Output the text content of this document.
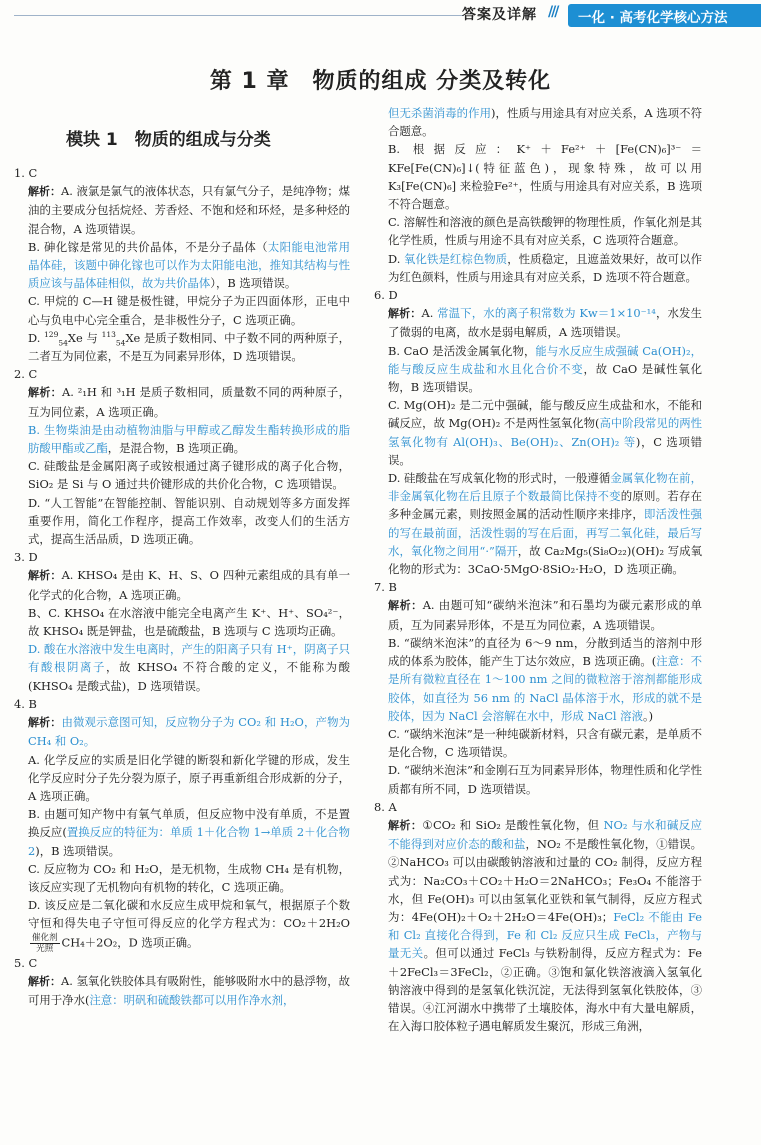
答案及详解 /// 一化 · 高考化学核心方法
第 1 章　物质的组成 分类及转化
模块 1　物质的组成与分类

1. C

解析：A. 液氯是氯气的液体状态，只有氯气分子，是纯净物；煤油的主要成分包括烷烃、芳香烃、不饱和烃和环烃，是多种烃的混合物，A 选项错误。

B. 砷化镓是常见的共价晶体，不是分子晶体（太阳能电池常用晶体硅，该题中砷化镓也可以作为太阳能电池，推知其结构与性质应该与晶体硅相似，故为共价晶体），B 选项错误。

C. 甲烷的 C—H 键是极性键，甲烷分子为正四面体形，正电中心与负电中心完全重合，是非极性分子，C 选项正确。

D. $^{129}_{54}$Xe 与 $^{113}_{54}$Xe 是质子数相同、中子数不同的两种原子，二者互为同位素，不是互为同素异形体，D 选项错误。

2. C

解析：A. ²₁H 和 ³₁H 是质子数相同，质量数不同的两种原子，互为同位素，A 选项正确。

B. 生物柴油是由动植物油脂与甲醇或乙醇发生酯转换形成的脂肪酸甲酯或乙酯，是混合物，B 选项正确。

C. 硅酸盐是金属阳离子或铵根通过离子键形成的离子化合物，SiO₂ 是 Si 与 O 通过共价键形成的共价化合物，C 选项错误。

D. “人工智能”在智能控制、智能识别、自动规划等多方面发挥重要作用，简化工作程序，提高工作效率，改变人们的生活方式，提高生活品质，D 选项正确。

3. D

解析：A. KHSO₄ 是由 K、H、S、O 四种元素组成的具有单一化学式的化合物，A 选项正确。

B、C. KHSO₄ 在水溶液中能完全电离产生 K⁺、H⁺、SO₄²⁻，故 KHSO₄ 既是钾盐，也是硫酸盐，B 选项与 C 选项均正确。

D. 酸在水溶液中发生电离时，产生的阳离子只有 H⁺，阴离子只有酸根阴离子，故 KHSO₄ 不符合酸的定义，不能称为酸(KHSO₄ 是酸式盐)，D 选项错误。

4. B

解析：由微观示意图可知，反应物分子为 CO₂ 和 H₂O，产物为 CH₄ 和 O₂。

A. 化学反应的实质是旧化学键的断裂和新化学键的形成，发生化学反应时分子先分裂为原子，原子再重新组合形成新的分子，A 选项正确。

B. 由题可知产物中有氧气单质，但反应物中没有单质，不是置换反应(置换反应的特征为：单质 1＋化合物 1→单质 2＋化合物 2)，B 选项错误。

C. 反应物为 CO₂ 和 H₂O，是无机物，生成物 CH₄ 是有机物，该反应实现了无机物向有机物的转化，C 选项正确。

D. 该反应是二氧化碳和水反应生成甲烷和氧气，根据原子个数守恒和得失电子守恒可得反应的化学方程式为：CO₂＋2H₂O
$\frac{\text{催化剂}}{\text{光照}} CH_4+2O_2$，D 选项正确。

5. C

解析：A. 氢氧化铁胶体具有吸附性，能够吸附水中的悬浮物，故可用于净水(注意：明矾和硫酸铁都可以用作净水剂，

但无杀菌消毒的作用)，性质与用途具有对应关系，A 选项不符合题意。

B. 根据反应：K⁺＋Fe²⁺＋[Fe(CN)₆]³⁻＝KFe[Fe(CN)₆]↓(特征蓝色)，现象特殊，故可以用 K₃[Fe(CN)₆] 来检验Fe²⁺，性质与用途具有对应关系，B 选项不符合题意。

C. 溶解性和溶液的颜色是高铁酸钾的物理性质，作氧化剂是其化学性质，性质与用途不具有对应关系，C 选项符合题意。

D. 氧化铁是红棕色物质，性质稳定，且遮盖效果好，故可以作为红色颜料，性质与用途具有对应关系，D 选项不符合题意。

6. D

解析：A. 常温下，水的离子积常数为 Kw＝1×10⁻¹⁴，水发生了微弱的电离，故水是弱电解质，A 选项错误。

B. CaO 是活泼金属氧化物，能与水反应生成强碱 Ca(OH)₂，能与酸反应生成盐和水且化合价不变，故 CaO 是碱性氧化物，B 选项错误。

C. Mg(OH)₂ 是二元中强碱，能与酸反应生成盐和水，不能和碱反应，故 Mg(OH)₂ 不是两性氢氧化物(高中阶段常见的两性氢氧化物有 Al(OH)₃、Be(OH)₂、Zn(OH)₂ 等)，C 选项错误。

D. 硅酸盐在写成氧化物的形式时，一般遵循金属氧化物在前，非金属氧化物在后且原子个数最简比保持不变的原则。若存在多种金属元素，则按照金属的活动性顺序来排序，即活泼性强的写在最前面，活泼性弱的写在后面，再写二氧化硅，最后写水，氧化物之间用“·”隔开，故 Ca₂Mg₅(Si₈O₂₂)(OH)₂ 写成氧化物的形式为：3CaO·5MgO·8SiO₂·H₂O，D 选项正确。

7. B

解析：A. 由题可知“碳纳米泡沫”和石墨均为碳元素形成的单质，互为同素异形体，不是互为同位素，A 选项错误。

B. “碳纳米泡沫”的直径为 6～9 nm，分散到适当的溶剂中形成的体系为胶体，能产生丁达尔效应，B 选项正确。(注意：不是所有微粒直径在 1～100 nm 之间的微粒溶于溶剂都能形成胶体，如直径为 56 nm 的 NaCl 晶体溶于水，形成的就不是胶体，因为 NaCl 会溶解在水中，形成 NaCl 溶液。)

C. “碳纳米泡沫”是一种纯碳新材料，只含有碳元素，是单质不是化合物，C 选项错误。

D. “碳纳米泡沫”和金刚石互为同素异形体，物理性质和化学性质都有所不同，D 选项错误。

8. A

解析：①CO₂ 和 SiO₂ 是酸性氧化物，但 NO₂ 与水和碱反应不能得到对应价态的酸和盐，NO₂ 不是酸性氧化物，①错误。②NaHCO₃ 可以由碳酸钠溶液和过量的 CO₂ 制得，反应方程式为：Na₂CO₃＋CO₂＋H₂O＝2NaHCO₃；Fe₃O₄ 不能溶于水，但 Fe(OH)₃ 可以由氢氧化亚铁和氧气制得，反应方程式为：4Fe(OH)₂＋O₂＋2H₂O＝4Fe(OH)₃；FeCl₂ 不能由 Fe 和 Cl₂ 直接化合得到，Fe 和 Cl₂ 反应只生成 FeCl₃，产物与量无关。但可以通过 FeCl₃ 与铁粉制得，反应方程式为：Fe＋2FeCl₃＝3FeCl₂，②正确。③饱和氯化铁溶液滴入氢氧化钠溶液中得到的是氢氧化铁沉淀，无法得到氢氧化铁胶体，③错误。④江河湖水中携带了土壤胶体，海水中有大量电解质，在入海口胶体粒子遇电解质发生聚沉，形成三角洲，
